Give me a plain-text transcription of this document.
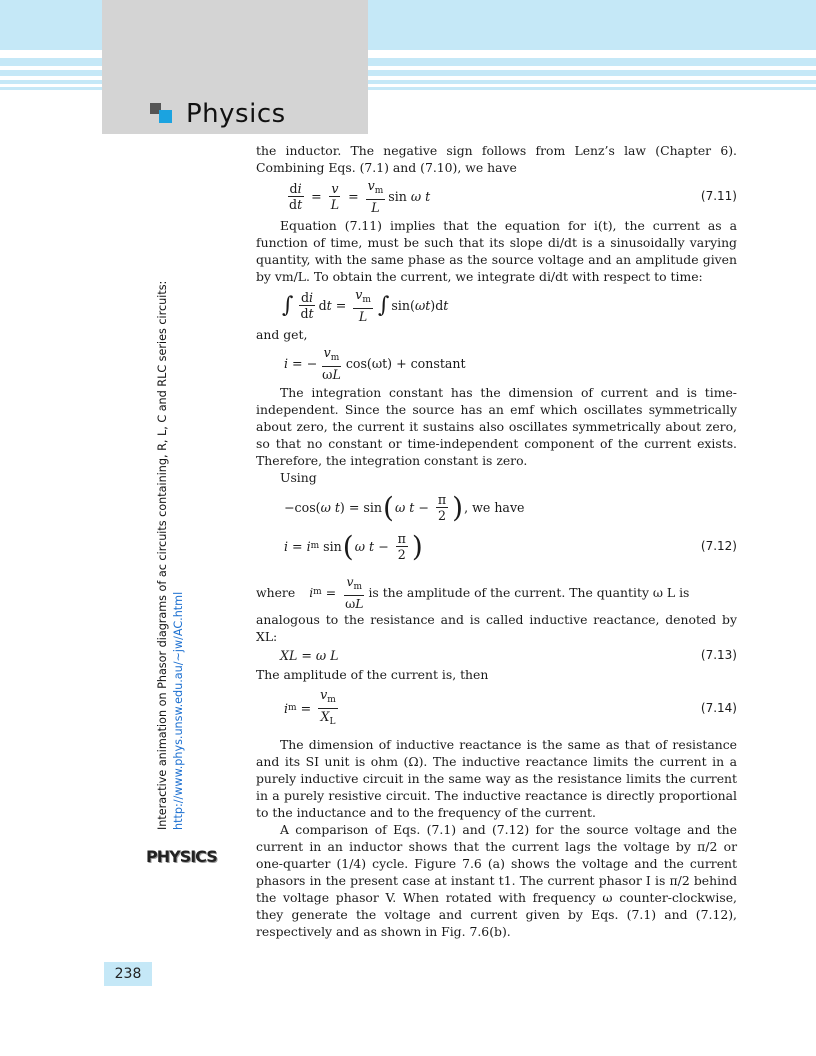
Physics
Interactive animation on Phasor diagrams of ac circuits containing, R, L, C and RLC series circuits: http://www.phys.unsw.edu.au/~jw/AC.html
PHYSICS
238

the inductor. The negative sign follows from Lenz’s law (Chapter 6). Combining Eqs. (7.1) and (7.10), we have

$\frac{di}{dt} = \frac{v}{L} = \frac{v_m}{L}$ sin ω t	(7.11)

Equation (7.11) implies that the equation for i(t), the current as a function of time, must be such that its slope di/dt is a sinusoidally varying quantity, with the same phase as the source voltage and an amplitude given by vm/L. To obtain the current, we integrate di/dt with respect to time:

∫ $\frac{di}{dt}$ dt = $\frac{v_m}{L}$ ∫ sin(ωt)dt

and get,

i = − $\frac{v_m}{\omega L} \cos(\omega t)$ + constant

The integration constant has the dimension of current and is time-independent. Since the source has an emf which oscillates symmetrically about zero, the current it sustains also oscillates symmetrically about zero, so that no constant or time-independent component of the current exists. Therefore, the integration constant is zero.

Using

−cos(ω t) = sin ( ω $t - \frac{\pi}{2}$ ) , we have
i = i m sin ( ω $t - \frac{\pi}{2}$ )	(7.12)
where i $m = \frac{v_m}{\omega L}$ is the amplitude of the current. The quantity ω L is

analogous to the resistance and is called inductive reactance, denoted by XL:

XL = ω L	(7.13)

The amplitude of the current is, then

i $m = \frac{v_m}{X_L}$	(7.14)

The dimension of inductive reactance is the same as that of resistance and its SI unit is ohm (Ω). The inductive reactance limits the current in a purely inductive circuit in the same way as the resistance limits the current in a purely resistive circuit. The inductive reactance is directly proportional to the inductance and to the frequency of the current.

A comparison of Eqs. (7.1) and (7.12) for the source voltage and the current in an inductor shows that the current lags the voltage by π/2 or one-quarter (1/4) cycle. Figure 7.6 (a) shows the voltage and the current phasors in the present case at instant t1. The current phasor I is π/2 behind the voltage phasor V. When rotated with frequency ω counter-clockwise, they generate the voltage and current given by Eqs. (7.1) and (7.12), respectively and as shown in Fig. 7.6(b).
